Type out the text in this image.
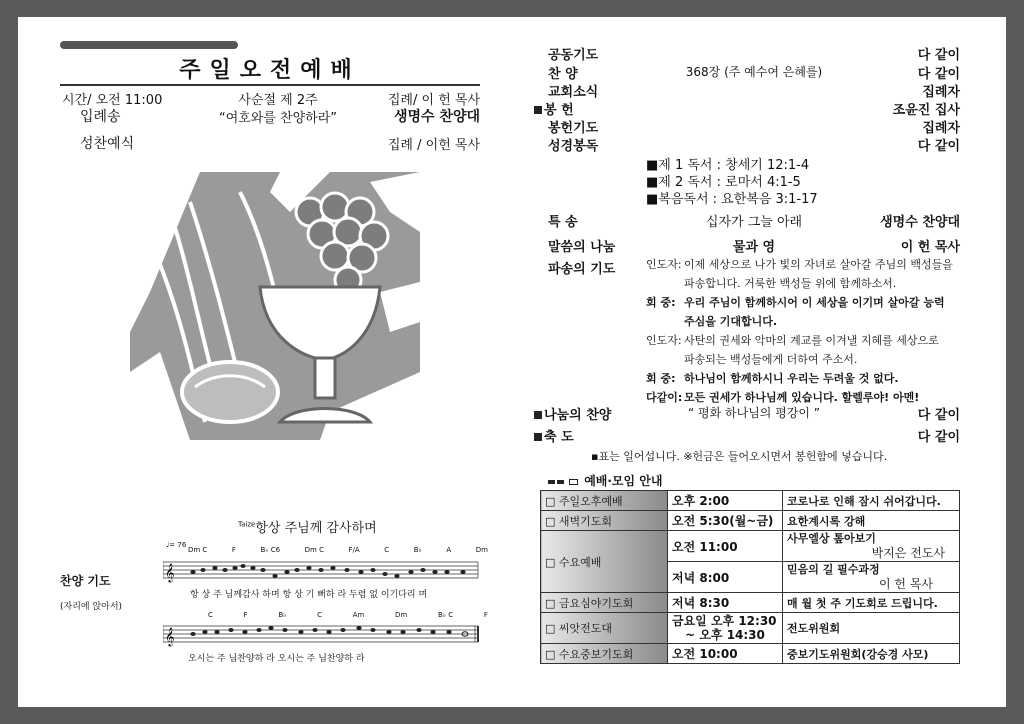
주일오전예배
시간/ 오전 11:00	사순절 제 2주	집례/ 이 헌 목사
입례송	“여호와를 찬양하라”	생명수 찬양대
성찬예식	집례 / 이헌 목사
$^{Taize}$항상 주님께 감사하며
찬양 기도
(자리에 앉아서)
♩= 76
𝄞
𝄞
Dm C	F	B♭ C6	Dm C	F/A	C	B♭	A	Dm
항 상 주 님께감사 하며 항 상 기 뻐하 라 두렴 없 이기다리 며
C	F	B♭	C	Am	Dm	B♭ C	F
오시는 주 님찬양하 라 오시는 주 님찬양하 라
공동기도	다 같이
찬 양	368장 (주 예수여 은혜를)	다 같이
교회소식	집례자
봉 헌	조윤진 집사
봉헌기도	집례자
성경봉독	다 같이
■제 1 독서 : 창세기 12:1-4
■제 2 독서 : 로마서 4:1-5
■복음독서 : 요한복음 3:1-17
특 송	십자가 그늘 아래	생명수 찬양대
말씀의 나눔	물과 영	이 헌 목사
파송의 기도	인도자: 이제 세상으로 나가 빛의 자녀로 살아갈 주님의 백성들을
파송합니다. 거룩한 백성들 위에 함께하소서.
회 중: 우리 주님이 함께하시어 이 세상을 이기며 살아갈 능력
주심을 기대합니다.
인도자: 사탄의 권세와 악마의 계교를 이겨낼 지혜를 세상으로
파송되는 백성들에게 더하여 주소서.
회 중: 하나님이 함께하시니 우리는 두려울 것 없다.
다같이: 모든 권세가 하나님께 있습니다. 할렐루야! 아멘!
나눔의 찬양	“ 평화 하나님의 평강이 ”	다 같이
축 도	다 같이
▪표는 일어섭니다. ※헌금은 들어오시면서 봉헌함에 넣습니다.
예배·모임 안내
□ 주일오후예배	오후 2:00	코로나로 인해 잠시 쉬어갑니다.
□ 새벽기도회	오전 5:30(월~금)	요한계시록 강해
□ 수요예배	오전 11:00	사무엘상 톺아보기
박지은 전도사

	저녁 8:00	믿음의 길 필수과정
이 헌 목사

□ 금요심야기도회	저녁 8:30	매 월 첫 주 기도회로 드립니다.
□ 씨앗전도대	금요일 오후 12:30
~ 오후 14:30	전도위원회
□ 수요중보기도회	오전 10:00	중보기도위원회(강승경 사모)
